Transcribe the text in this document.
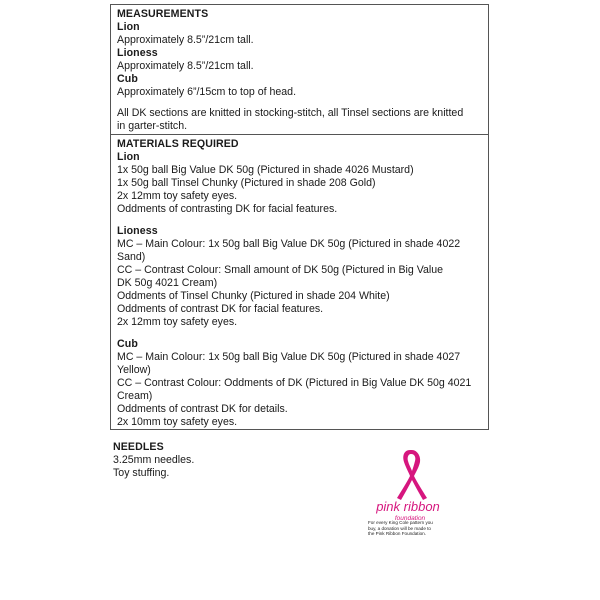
MEASUREMENTS
Lion
Approximately 8.5”/21cm tall.
Lioness
Approximately 8.5”/21cm tall.
Cub
Approximately 6”/15cm to top of head.
All DK sections are knitted in stocking-stitch, all Tinsel sections are knitted
in garter-stitch.
MATERIALS REQUIRED
Lion
1x 50g ball Big Value DK 50g (Pictured in shade 4026 Mustard)
1x 50g ball Tinsel Chunky (Pictured in shade 208 Gold)
2x 12mm toy safety eyes.
Oddments of contrasting DK for facial features.
Lioness
MC – Main Colour: 1x 50g ball Big Value DK 50g (Pictured in shade 4022
Sand)
CC – Contrast Colour: Small amount of DK 50g (Pictured in Big Value
DK 50g 4021 Cream)
Oddments of Tinsel Chunky (Pictured in shade 204 White)
Oddments of contrast DK for facial features.
2x 12mm toy safety eyes.
Cub
MC – Main Colour: 1x 50g ball Big Value DK 50g (Pictured in shade 4027
Yellow)
CC – Contrast Colour: Oddments of DK (Pictured in Big Value DK 50g 4021
Cream)
Oddments of contrast DK for details.
2x 10mm toy safety eyes.
NEEDLES
3.25mm needles.
Toy stuffing.
pink ribbon
foundation
For every King Cole pattern you
buy, a donation will be made to
the Pink Ribbon Foundation.
